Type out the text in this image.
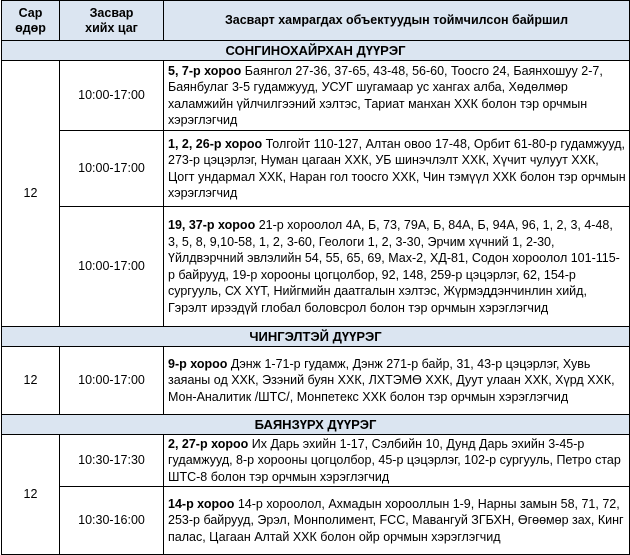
Сар өдөр	Засвар хийх цаг	Засварт хамрагдах объектуудын тоймчилсон байршил
СОНГИНОХАЙРХАН ДҮҮРЭГ		
12	10:00-17:00	5, 7-р хороо Баянгол 27-36, 37-65, 43-48, 56-60, Тоосго 24, Баянхошуу 2-7, Баянбулаг 3-5 гудамжууд, УСУГ шугамаар ус хангах алба, Хөдөлмөр халамжийн үйлчилгээний хэлтэс, Тариат манхан ХХК болон тэр орчмын хэрэглэгчид
	10:00-17:00	1, 2, 26-р хороо Толгойт 110-127, Алтан овоо 17-48, Орбит 61-80-р гудамжууд, 273-р цэцэрлэг, Нуман цагаан ХХК, УБ шинэчлэлт ХХК, Хүчит чулуут ХХК, Цогт ундармал ХХК, Наран гол тоосго ХХК, Чин тэмүүл ХХК болон тэр орчмын хэрэглэгчид
	10:00-17:00	19, 37-р хороо 21-р хороолол 4А, Б, 73, 79А, Б, 84А, Б, 94А, 96, 1, 2, 3, 4-48, 3, 5, 8, 9,10-58, 1, 2, 3-60, Геологи 1, 2, 3-30, Эрчим хүчний 1, 2-30, Үйлдвэрчний эвлэлийн 54, 55, 65, 69, Мах-2, ХД-81, Содон хороолол 101-115-р байрууд, 19-р хорооны цогцолбор, 92, 148, 259-р цэцэрлэг, 62, 154-р сургууль, СХ ХҮТ, Нийгмийн даатгалын хэлтэс, Жүрмэддэнчинлин хийд, Гэрэлт ирээдүй глобал боловсрол болон тэр орчмын хэрэглэгчид
ЧИНГЭЛТЭЙ ДҮҮРЭГ		
12	10:00-17:00	9-р хороо Дэнж 1-71-р гудамж, Дэнж 271-р байр, 31, 43-р цэцэрлэг, Хувь заяаны од ХХК, Эзэний буян ХХК, ЛХТЭМӨ ХХК, Дуут улаан ХХК, Хүрд ХХК, Мон-Аналитик /ШТС/, Монпетекс ХХК болон тэр орчмын хэрэглэгчид
БАЯНЗҮРХ ДҮҮРЭГ		
12	10:30-17:30	2, 27-р хороо Их Дарь эхийн 1-17, Сэлбийн 10, Дунд Дарь эхийн 3-45-р гудамжууд, 8-р хорооны цогцолбор, 45-р цэцэрлэг, 102-р сургууль, Петро стар ШТС-8 болон тэр орчмын хэрэглэгчид
	10:30-16:00	14-р хороо 14-р хороолол, Ахмадын хорооллын 1-9, Нарны замын 58, 71, 72, 253-р байрууд, Эрэл, Монполимент, FCC, Мавангуй ЗГБХН, Өгөөмөр зах, Кинг палас, Цагаан Алтай ХХК болон ойр орчмын хэрэглэгчид
